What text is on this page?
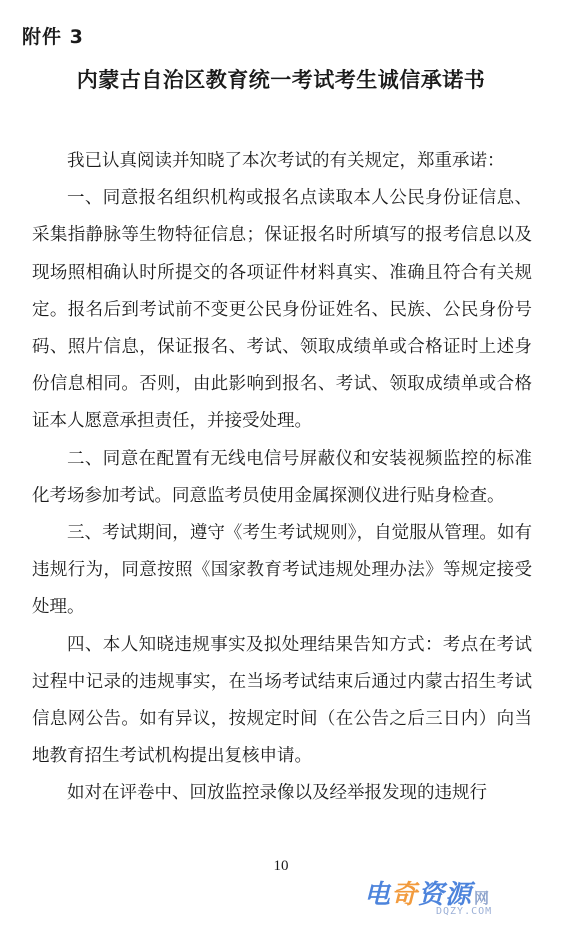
附件 3
内蒙古自治区教育统一考试考生诚信承诺书

我已认真阅读并知晓了本次考试的有关规定，郑重承诺：

一、同意报名组织机构或报名点读取本人公民身份证信息、采集指静脉等生物特征信息；保证报名时所填写的报考信息以及现场照相确认时所提交的各项证件材料真实、准确且符合有关规定。报名后到考试前不变更公民身份证姓名、民族、公民身份号码、照片信息，保证报名、考试、领取成绩单或合格证时上述身份信息相同。否则，由此影响到报名、考试、领取成绩单或合格证本人愿意承担责任，并接受处理。

二、同意在配置有无线电信号屏蔽仪和安装视频监控的标准化考场参加考试。同意监考员使用金属探测仪进行贴身检查。

三、考试期间，遵守《考生考试规则》，自觉服从管理。如有违规行为，同意按照《国家教育考试违规处理办法》等规定接受处理。

四、本人知晓违规事实及拟处理结果告知方式：考点在考试过程中记录的违规事实，在当场考试结束后通过内蒙古招生考试信息网公告。如有异议，按规定时间（在公告之后三日内）向当地教育招生考试机构提出复核申请。

如对在评卷中、回放监控录像以及经举报发现的违规行

10
电奇资源 网
DQZY.COM
